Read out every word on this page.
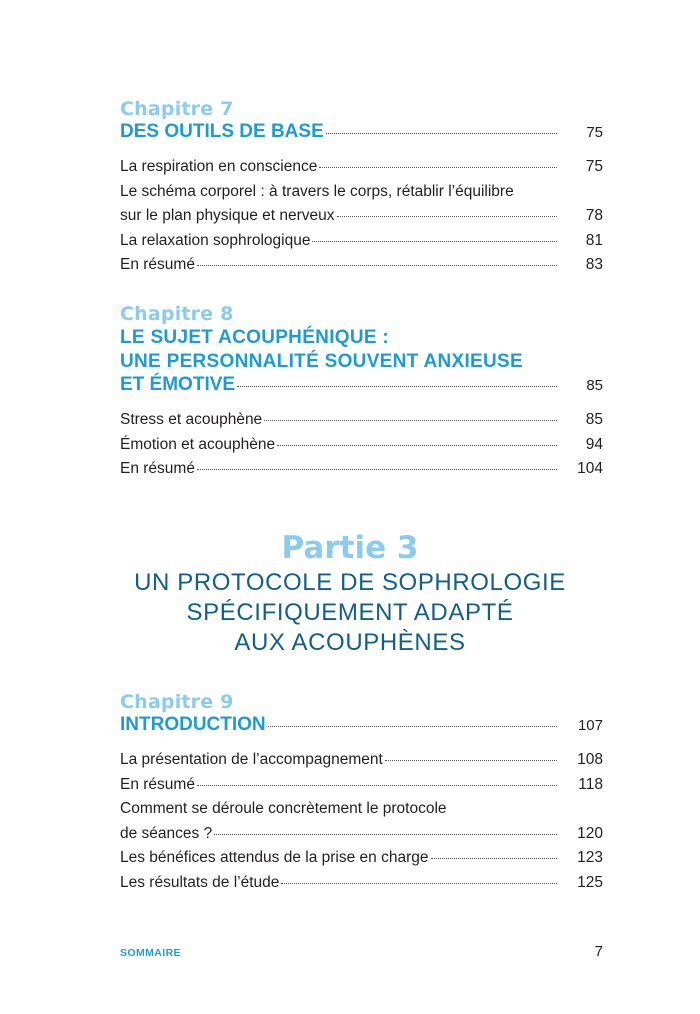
Chapitre 7
DES OUTILS DE BASE	75
La respiration en conscience	75
Le schéma corporel : à travers le corps, rétablir l’équilibre
sur le plan physique et nerveux	78
La relaxation sophrologique	81
En résumé	83
Chapitre 8
LE SUJET ACOUPHÉNIQUE :
UNE PERSONNALITÉ SOUVENT ANXIEUSE
ET ÉMOTIVE	85
Stress et acouphène	85
Émotion et acouphène	94
En résumé	104
Partie 3
UN PROTOCOLE DE SOPHROLOGIE
SPÉCIFIQUEMENT ADAPTÉ
AUX ACOUPHÈNES
Chapitre 9
INTRODUCTION	107
La présentation de l’accompagnement	108
En résumé	118
Comment se déroule concrètement le protocole
de séances ?	120
Les bénéfices attendus de la prise en charge	123
Les résultats de l’étude	125
SOMMAIRE	7
